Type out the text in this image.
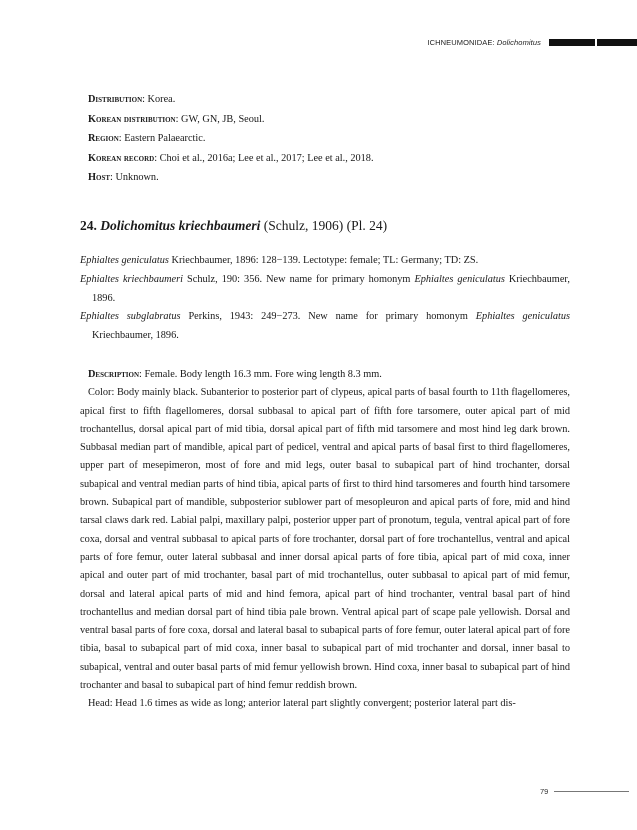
ICHNEUMONIDAE: Dolichomitus

Distribution: Korea.

Korean distribution: GW, GN, JB, Seoul.

Region: Eastern Palaearctic.

Korean record: Choi et al., 2016a; Lee et al., 2017; Lee et al., 2018.

Host: Unknown.

24. Dolichomitus kriechbaumeri (Schulz, 1906) (Pl. 24)

Ephialtes geniculatus Kriechbaumer, 1896: 128−139. Lectotype: female; TL: Germany; TD: ZS.

Ephialtes kriechbaumeri Schulz, 190: 356. New name for primary homonym Ephialtes geniculatus Kriechbaumer, 1896.

Ephialtes subglabratus Perkins, 1943: 249−273. New name for primary homonym Ephialtes geniculatus Kriechbaumer, 1896.

Description: Female. Body length 16.3 mm. Fore wing length 8.3 mm.

Color: Body mainly black. Subanterior to posterior part of clypeus, apical parts of basal fourth to 11th flagellomeres, apical first to fifth flagellomeres, dorsal subbasal to apical part of fifth fore tarsomere, outer apical part of mid trochantellus, dorsal apical part of mid tibia, dorsal apical part of fifth mid tarsomere and most hind leg dark brown. Subbasal median part of mandible, apical part of pedicel, ventral and apical parts of basal first to third flagellomeres, upper part of mesepimeron, most of fore and mid legs, outer basal to subapical part of hind trochanter, dorsal subapical and ventral median parts of hind tibia, apical parts of first to third hind tarsomeres and fourth hind tarsomere brown. Subapical part of mandible, subposterior sublower part of mesopleuron and apical parts of fore, mid and hind tarsal claws dark red. Labial palpi, maxillary palpi, posterior upper part of pronotum, tegula, ventral apical part of fore coxa, dorsal and ventral subbasal to apical parts of fore trochanter, dorsal part of fore trochantellus, ventral and apical parts of fore femur, outer lateral subbasal and inner dorsal apical parts of fore tibia, apical part of mid coxa, inner apical and outer part of mid trochanter, basal part of mid trochantellus, outer subbasal to apical part of mid femur, dorsal and lateral apical parts of mid and hind femora, apical part of hind trochanter, ventral basal part of hind trochantellus and median dorsal part of hind tibia pale brown. Ventral apical part of scape pale yellowish. Dorsal and ventral basal parts of fore coxa, dorsal and lateral basal to subapical parts of fore femur, outer lateral apical part of fore tibia, basal to subapical part of mid coxa, inner basal to subapical part of mid trochanter and dorsal, inner basal to subapical, ventral and outer basal parts of mid femur yellowish brown. Hind coxa, inner basal to subapical part of hind trochanter and basal to subapical part of hind femur reddish brown.

Head: Head 1.6 times as wide as long; anterior lateral part slightly convergent; posterior lateral part dis-

79
